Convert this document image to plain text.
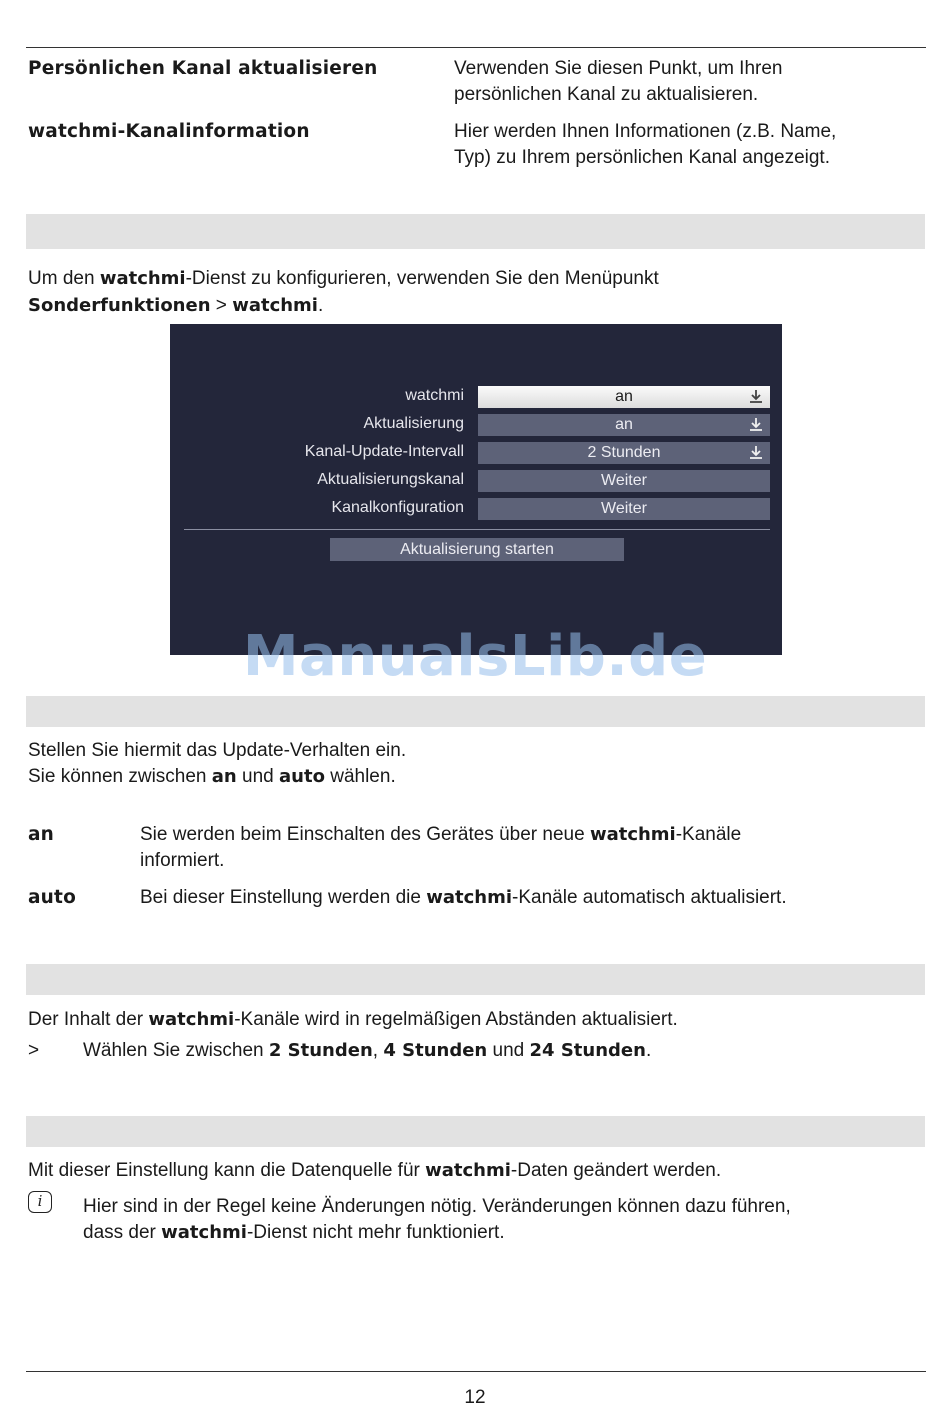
Persönlichen Kanal aktualisieren	Verwenden Sie diesen Punkt, um Ihren
persönlichen Kanal zu aktualisieren.
watchmi-Kanalinformation	Hier werden Ihnen Informationen (z.B. Name,
Typ) zu Ihrem persönlichen Kanal angezeigt.
Um den watchmi-Dienst zu konfigurieren, verwenden Sie den Menüpunkt
Sonderfunktionen > watchmi.
watchmi	an
Aktualisierung	an
Kanal-Update-Intervall	2 Stunden
Aktualisierungskanal	Weiter
Kanalkonfiguration	Weiter
Aktualisierung starten
ManualsLib.de
Stellen Sie hiermit das Update-Verhalten ein.
Sie können zwischen an und auto wählen.
an	Sie werden beim Einschalten des Gerätes über neue watchmi-Kanäle
informiert.
auto	Bei dieser Einstellung werden die watchmi-Kanäle automatisch aktualisiert.
Der Inhalt der watchmi-Kanäle wird in regelmäßigen Abständen aktualisiert.
> Wählen Sie zwischen 2 Stunden, 4 Stunden und 24 Stunden.
Mit dieser Einstellung kann die Datenquelle für watchmi-Daten geändert werden.
i	Hier sind in der Regel keine Änderungen nötig. Veränderungen können dazu führen,
dass der watchmi-Dienst nicht mehr funktioniert.
12
